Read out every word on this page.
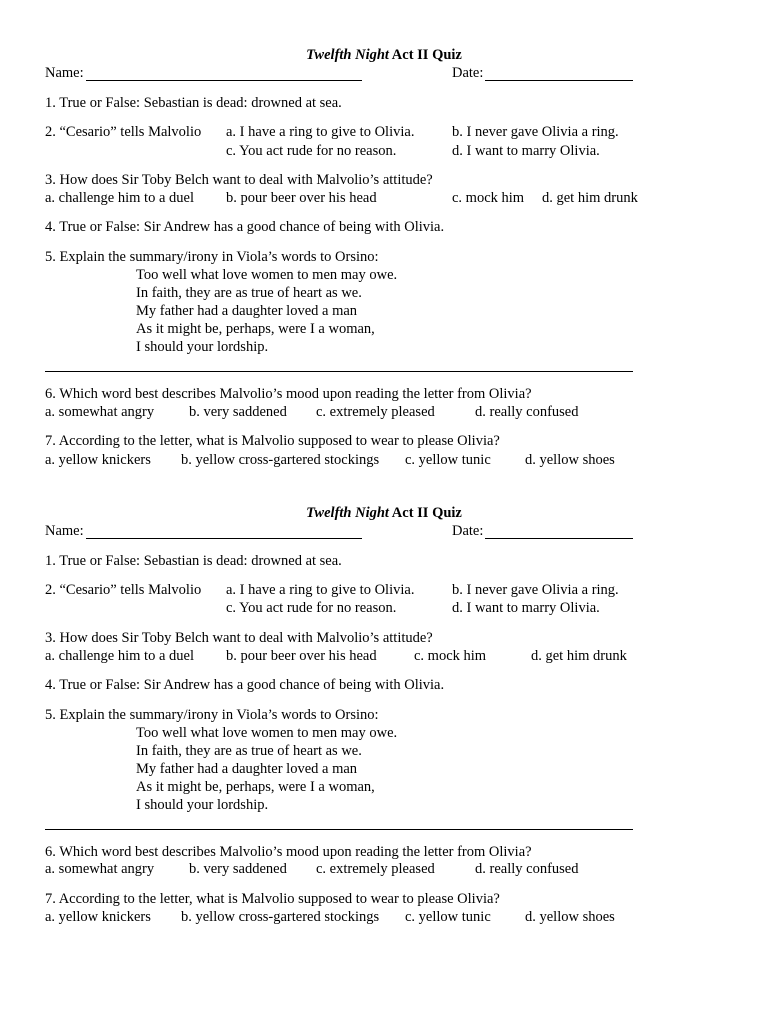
Twelfth Night Act II Quiz
Name:	Date:
1. True or False: Sebastian is dead: drowned at sea.
2. “Cesario” tells Malvolio a. I have a ring to give to Olivia.	b. I never gave Olivia a ring.
c. You act rude for no reason.	d. I want to marry Olivia.
3. How does Sir Toby Belch want to deal with Malvolio’s attitude?
a. challenge him to a duel b. pour beer over his head	c. mock him d. get him drunk
4. True or False: Sir Andrew has a good chance of being with Olivia.
5. Explain the summary/irony in Viola’s words to Orsino:
Too well what love women to men may owe.
In faith, they are as true of heart as we.
My father had a daughter loved a man
As it might be, perhaps, were I a woman,
I should your lordship.
6. Which word best describes Malvolio’s mood upon reading the letter from Olivia?
a. somewhat angry b. very saddened c. extremely pleased	d. really confused
7. According to the letter, what is Malvolio supposed to wear to please Olivia?
a. yellow knickers b. yellow cross-gartered stockings c. yellow tunic d. yellow shoes
Twelfth Night Act II Quiz
Name:	Date:
1. True or False: Sebastian is dead: drowned at sea.
2. “Cesario” tells Malvolio a. I have a ring to give to Olivia.	b. I never gave Olivia a ring.
c. You act rude for no reason.	d. I want to marry Olivia.
3. How does Sir Toby Belch want to deal with Malvolio’s attitude?
a. challenge him to a duel b. pour beer over his head	c. mock him	d. get him drunk
4. True or False: Sir Andrew has a good chance of being with Olivia.
5. Explain the summary/irony in Viola’s words to Orsino:
Too well what love women to men may owe.
In faith, they are as true of heart as we.
My father had a daughter loved a man
As it might be, perhaps, were I a woman,
I should your lordship.
6. Which word best describes Malvolio’s mood upon reading the letter from Olivia?
a. somewhat angry b. very saddened c. extremely pleased	d. really confused
7. According to the letter, what is Malvolio supposed to wear to please Olivia?
a. yellow knickers b. yellow cross-gartered stockings c. yellow tunic d. yellow shoes
